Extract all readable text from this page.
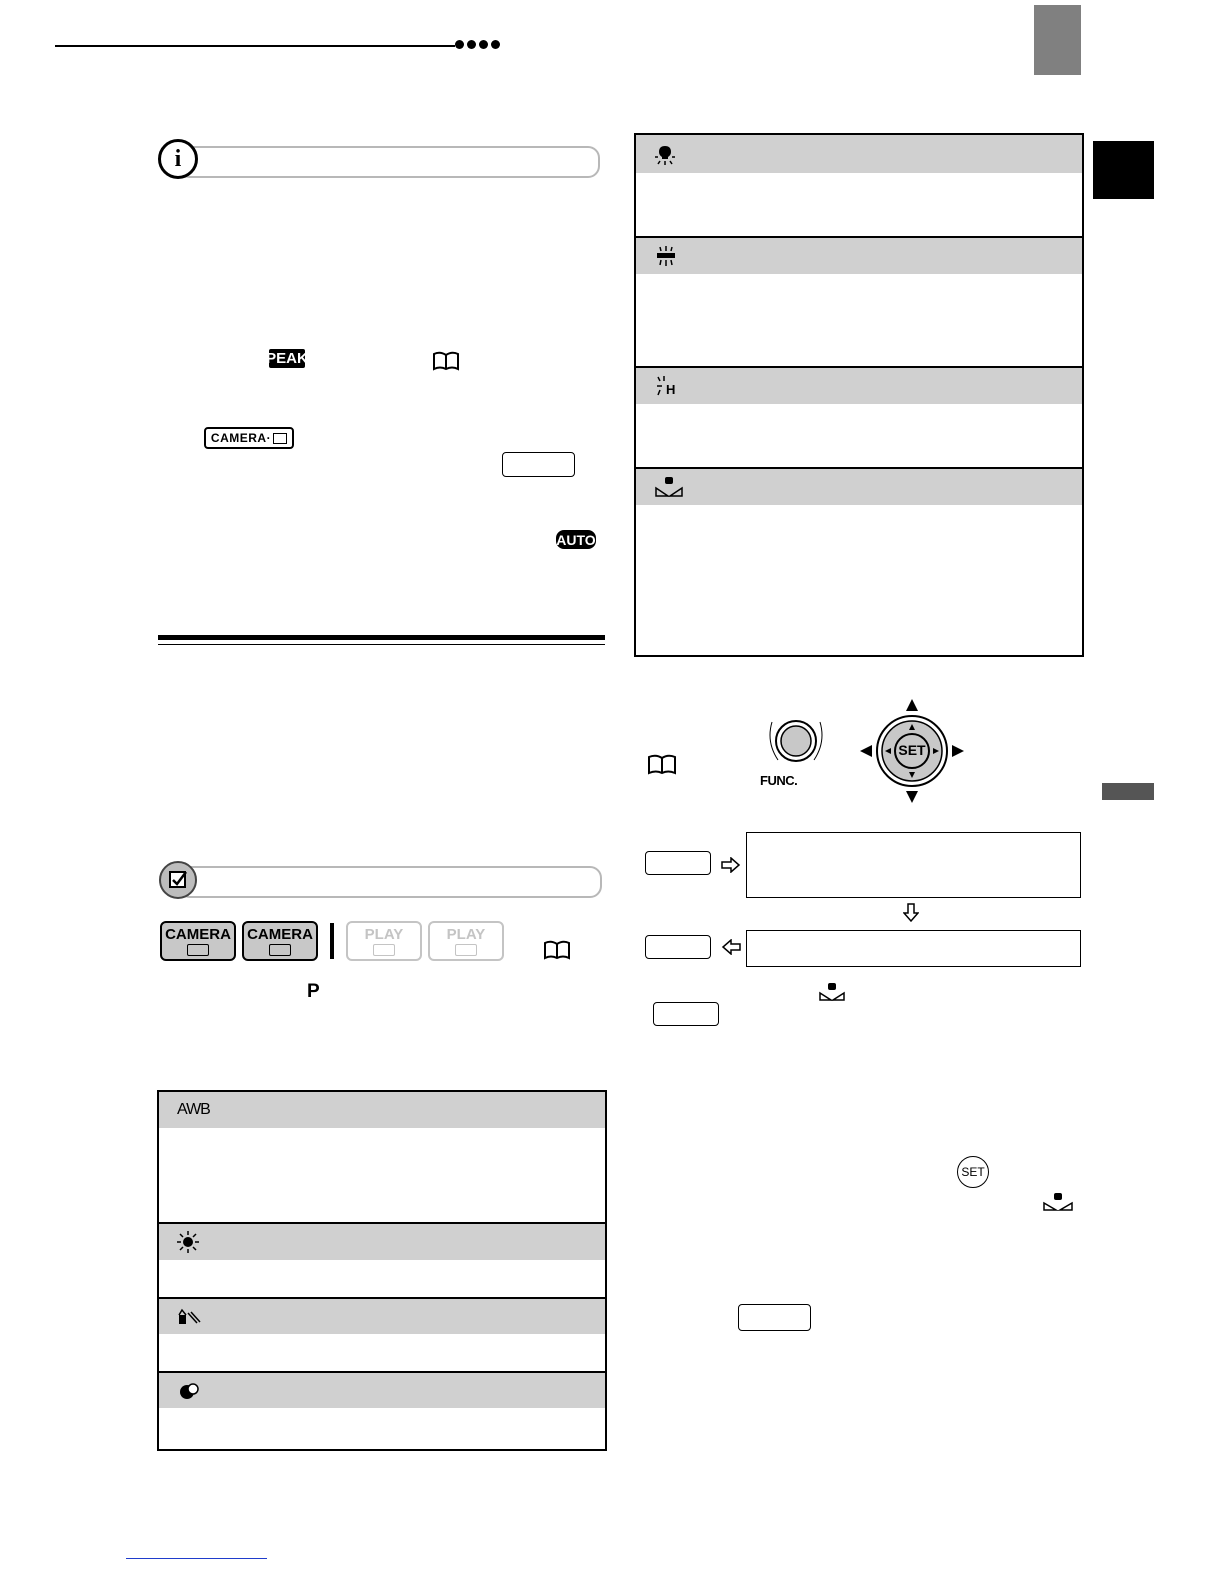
i
PEAK
CAMERA·
AUTO
CAMERA CAMERA	PLAY	PLAY
P
AWB
H
FUNC.
SET
SET
